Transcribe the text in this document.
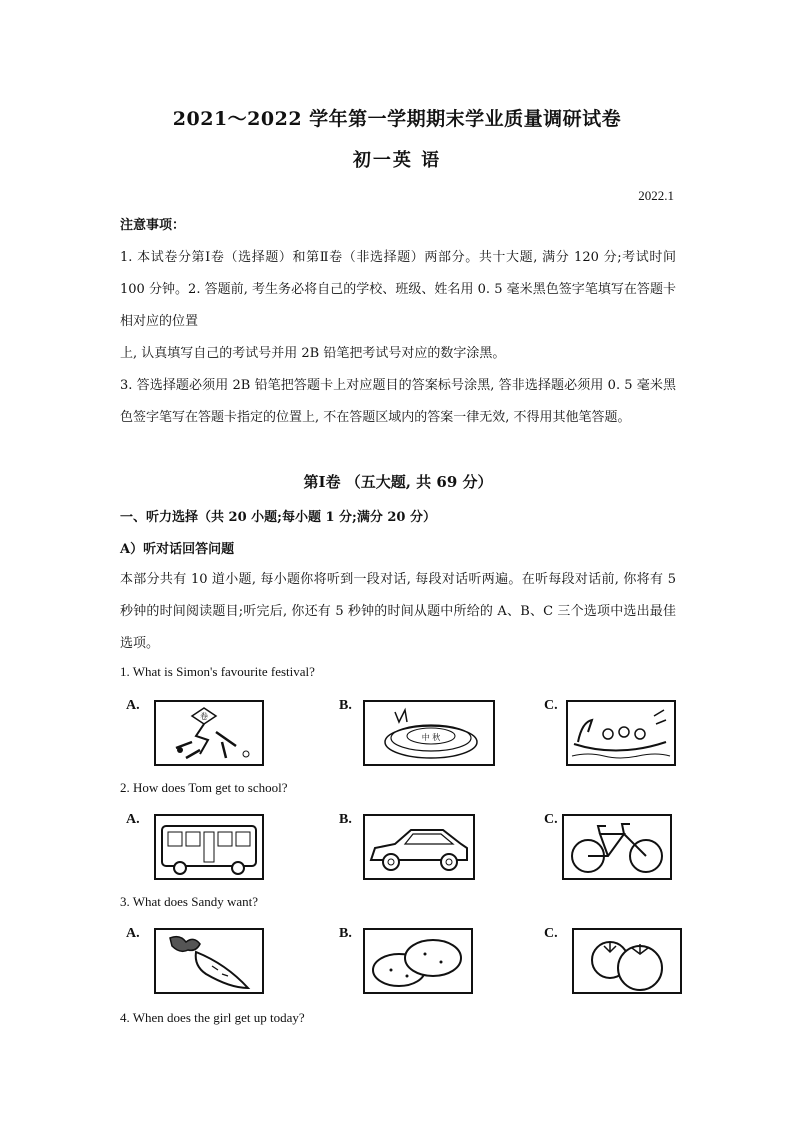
2021～2022 学年第一学期期末学业质量调研试卷
初一英 语
2022.1
注意事项：
1. 本试卷分第Ⅰ卷（选择题）和第Ⅱ卷（非选择题）两部分。共十大题, 满分 120 分;考试时间 100 分钟。2. 答题前, 考生务必将自己的学校、班级、姓名用 0. 5 毫米黑色签字笔填写在答题卡相对应的位置
上, 认真填写自己的考试号并用 2B 铅笔把考试号对应的数字涂黑。
3. 答选择题必须用 2B 铅笔把答题卡上对应题目的答案标号涂黑, 答非选择题必须用 0. 5 毫米黑色签字笔写在答题卡指定的位置上, 不在答题区域内的答案一律无效, 不得用其他笔答题。
第Ⅰ卷 （五大题, 共 69 分）
一、听力选择（共 20 小题;每小题 1 分;满分 20 分）
A）听对话回答问题
本部分共有 10 道小题, 每小题你将听到一段对话, 每段对话听两遍。在听每段对话前, 你将有 5 秒钟的时间阅读题目;听完后, 你还有 5 秒钟的时间从题中所给的 A、B、C 三个选项中选出最佳选项。
1. What is Simon's favourite festival?
A.
卷
B.
中 秋
C.
2. How does Tom get to school?
A.	B.	C.
3. What does Sandy want?
A.	B.	C.
4. When does the girl get up today?
